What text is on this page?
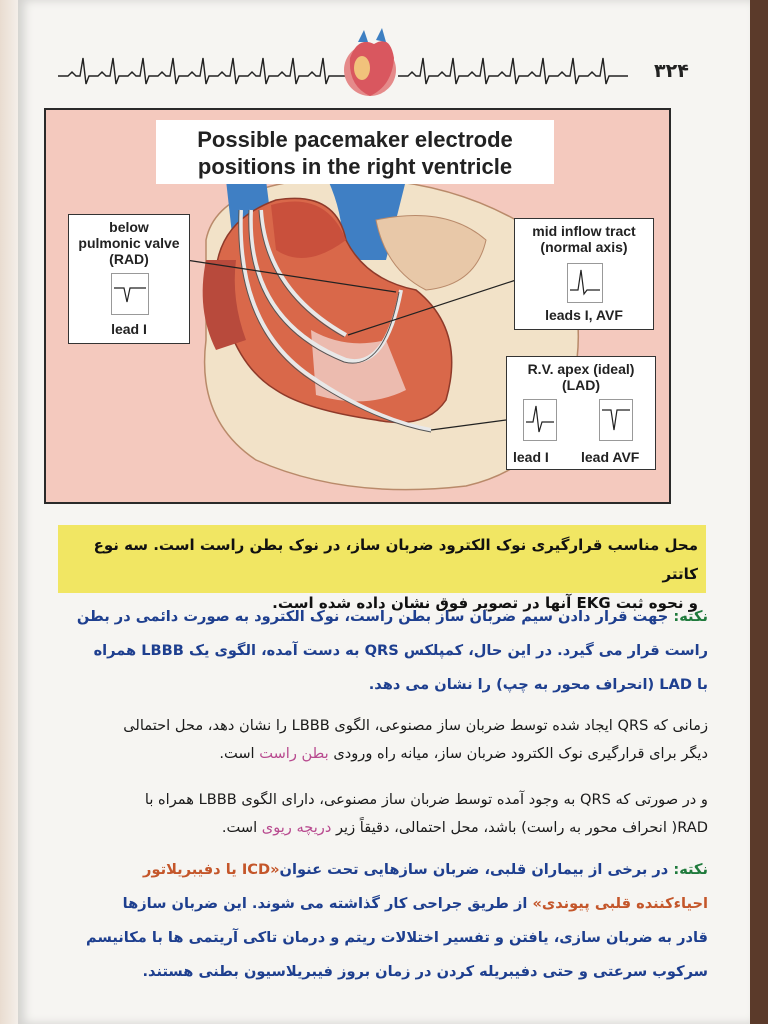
۳۲۴
Possible pacemaker electrode
positions in the right ventricle
below
pulmonic valve
(RAD)
lead I
mid inflow tract
(normal axis)
leads I, AVF
R.V. apex (ideal)
(LAD)
lead I lead AVF
محل مناسب قرارگیری نوک الکترود ضربان ساز، در نوک بطن راست است. سه نوع کاتتر
و نحوه ثبت EKG آنها در تصویر فوق نشان داده شده است.
نکته: جهت قرار دادن سیم ضربان ساز بطن راست، نوک الکترود به صورت دائمی در بطن
راست قرار می گیرد. در این حال، کمپلکس QRS به دست آمده، الگوی یک LBBB همراه
با LAD (انحراف محور به چپ) را نشان می دهد.
زمانی که QRS ایجاد شده توسط ضربان ساز مصنوعی، الگوی LBBB را نشان دهد، محل احتمالی
دیگر برای قرارگیری نوک الکترود ضربان ساز، میانه راه ورودی بطن راست است.
و در صورتی که QRS به وجود آمده توسط ضربان ساز مصنوعی، دارای الگوی LBBB همراه با
RAD( انحراف محور به راست) باشد، محل احتمالی، دقیقاً زیر دریچه ریوی است.
نکته: در برخی از بیماران قلبی، ضربان سازهایی تحت عنوان«ICD یا دفیبریلاتور
احیاءکننده قلبی پیوندی» از طریق جراحی کار گذاشته می شوند. این ضربان سازها
قادر به ضربان سازی، یافتن و تفسیر اختلالات ریتم و درمان تاکی آریتمی ها با مکانیسم
سرکوب سرعتی و حتی دفیبریله کردن در زمان بروز فیبریلاسیون بطنی هستند.
